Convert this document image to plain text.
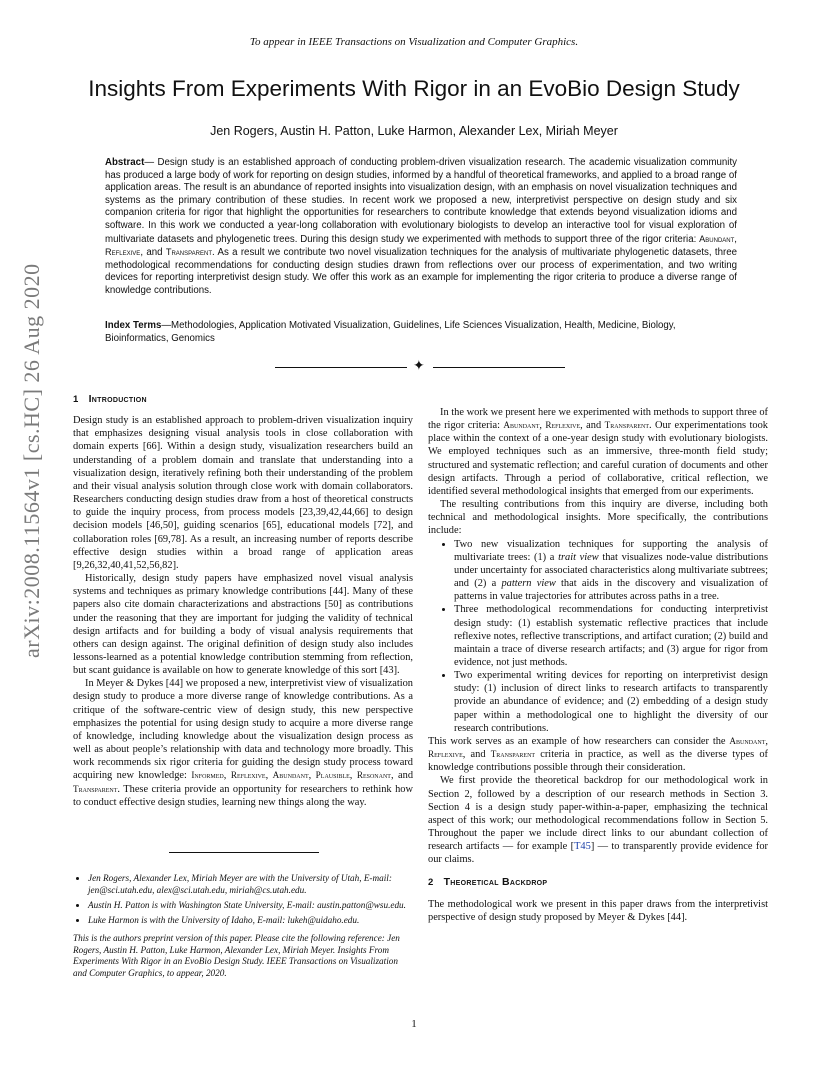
To appear in IEEE Transactions on Visualization and Computer Graphics.
Insights From Experiments With Rigor in an EvoBio Design Study
Jen Rogers, Austin H. Patton, Luke Harmon, Alexander Lex, Miriah Meyer
Abstract— Design study is an established approach of conducting problem-driven visualization research. The academic visualization community has produced a large body of work for reporting on design studies, informed by a handful of theoretical frameworks, and applied to a broad range of application areas. The result is an abundance of reported insights into visualization design, with an emphasis on novel visualization techniques and systems as the primary contribution of these studies. In recent work we proposed a new, interpretivist perspective on design study and six companion criteria for rigor that highlight the opportunities for researchers to contribute knowledge that extends beyond visualization idioms and software. In this work we conducted a year-long collaboration with evolutionary biologists to develop an interactive tool for visual exploration of multivariate datasets and phylogenetic trees. During this design study we experimented with methods to support three of the rigor criteria: Abundant, Reflexive, and Transparent. As a result we contribute two novel visualization techniques for the analysis of multivariate phylogenetic datasets, three methodological recommendations for conducting design studies drawn from reflections over our process of experimentation, and two writing devices for reporting interpretivist design study. We offer this work as an example for implementing the rigor criteria to produce a diverse range of knowledge contributions.
Index Terms—Methodologies, Application Motivated Visualization, Guidelines, Life Sciences Visualization, Health, Medicine, Biology, Bioinformatics, Genomics
✦
arXiv:2008.11564v1 [cs.HC] 26 Aug 2020	1 Introduction

Design study is an established approach to problem-driven visualization inquiry that emphasizes designing visual analysis tools in close collaboration with domain experts [66]. Within a design study, visualization researchers build an understanding of a problem domain and translate that understanding into a visualization design, iteratively refining both their understanding of the problem and their visual analysis solution through close work with domain collaborators. Researchers conducting design studies draw from a host of theoretical constructs to guide the inquiry process, from process models [23,39,42,44,66] to design decision models [46,50], guiding scenarios [65], educational models [72], and collaboration roles [69,78]. As a result, an increasing number of reports describe effective design studies within a broad range of application areas [9,26,32,40,41,52,56,82].

Historically, design study papers have emphasized novel visual analysis systems and techniques as primary knowledge contributions [44]. Many of these papers also cite domain characterizations and abstractions [50] as contributions under the reasoning that they are important for judging the validity of technical design artifacts and for building a body of visual analysis requirements that others can design against. The original definition of design study also includes lessons-learned as a potential knowledge contribution stemming from reflection, but scant guidance is available on how to generate knowledge of this sort [43].

In Meyer & Dykes [44] we proposed a new, interpretivist view of visualization design study to produce a more diverse range of knowledge contributions. As a critique of the software-centric view of design study, this new perspective emphasizes the potential for using design study to acquire a more diverse range of knowledge, including knowledge about the visualization design process as well as about people’s relationship with data and technology more broadly. This work recommends six rigor criteria for guiding the design study process toward acquiring new knowledge: Informed, Reflexive, Abundant, Plausible, Resonant, and Transparent. These criteria provide an opportunity for researchers to rethink how to conduct effective design studies, learning new things along the way.

• Jen Rogers, Alexander Lex, Miriah Meyer are with the University of Utah, E-mail: jen@sci.utah.edu, alex@sci.utah.edu, miriah@cs.utah.edu.
• Austin H. Patton is with Washington State University, E-mail: austin.patton@wsu.edu.
• Luke Harmon is with the University of Idaho, E-mail: lukeh@uidaho.edu.

This is the authors preprint version of this paper. Please cite the following reference: Jen Rogers, Austin H. Patton, Luke Harmon, Alexander Lex, Miriah Meyer. Insights From Experiments With Rigor in an EvoBio Design Study. IEEE Transactions on Visualization and Computer Graphics, to appear, 2020.

In the work we present here we experimented with methods to support three of the rigor criteria: Abundant, Reflexive, and Transparent. Our experimentations took place within the context of a one-year design study with evolutionary biologists. We employed techniques such as an immersive, three-month field study; structured and systematic reflection; and careful curation of documents and other design artifacts. Through a period of collaborative, critical reflection, we identified several methodological insights that emerged from our experiments.

The resulting contributions from this inquiry are diverse, including both technical and methodological insights. More specifically, the contributions include:

• Two new visualization techniques for supporting the analysis of multivariate trees: (1) a trait view that visualizes node-value distributions under uncertainty for associated characteristics along multivariate subtrees; and (2) a pattern view that aids in the discovery and visualization of patterns in value trajectories for attributes across paths in a tree.
• Three methodological recommendations for conducting interpretivist design study: (1) establish systematic reflective practices that include reflexive notes, reflective transcriptions, and artifact curation; (2) build and maintain a trace of diverse research artifacts; and (3) argue for rigor from evidence, not just methods.
• Two experimental writing devices for reporting on interpretivist design study: (1) inclusion of direct links to research artifacts to transparently provide an abundance of evidence; and (2) embedding of a design study paper within a methodological one to highlight the diversity of our research contributions.

This work serves as an example of how researchers can consider the Abundant, Reflexive, and Transparent criteria in practice, as well as the diverse types of knowledge contributions possible through their consideration.

We first provide the theoretical backdrop for our methodological work in Section 2, followed by a description of our research methods in Section 3. Section 4 is a design study paper-within-a-paper, emphasizing the technical aspect of this work; our methodological recommendations follow in Section 5. Throughout the paper we include direct links to our abundant collection of research artifacts — for example [T45] — to transparently provide evidence for our claims.

2 Theoretical Backdrop

The methodological work we present in this paper draws from the interpretivist perspective of design study proposed by Meyer & Dykes [44].

1
